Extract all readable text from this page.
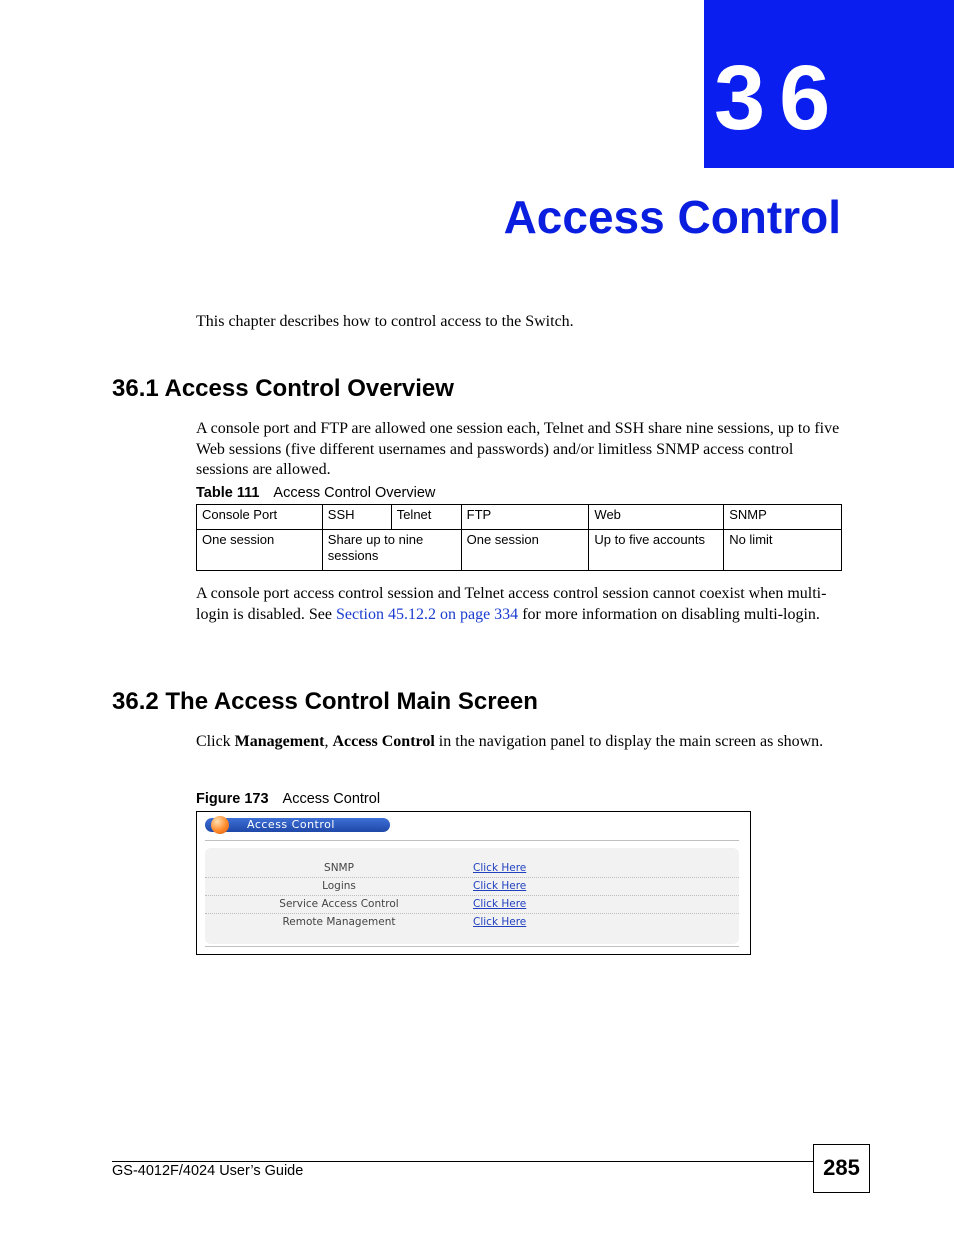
36
Access Control
This chapter describes how to control access to the Switch.
36.1 Access Control Overview
A console port and FTP are allowed one session each, Telnet and SSH share nine sessions, up to five Web sessions (five different usernames and passwords) and/or limitless SNMP access control sessions are allowed.
Table 111 Access Control Overview
Console Port	SSH	Telnet	FTP	Web	SNMP
One session	Share up to nine sessions		One session	Up to five accounts	No limit
A console port access control session and Telnet access control session cannot coexist when multi-login is disabled. See Section 45.12.2 on page 334 for more information on disabling multi-login.
36.2 The Access Control Main Screen
Click Management, Access Control in the navigation panel to display the main screen as shown.
Figure 173 Access Control
Access Control
SNMP	Click Here
Logins	Click Here
Service Access Control	Click Here
Remote Management	Click Here
GS-4012F/4024 User’s Guide	285
